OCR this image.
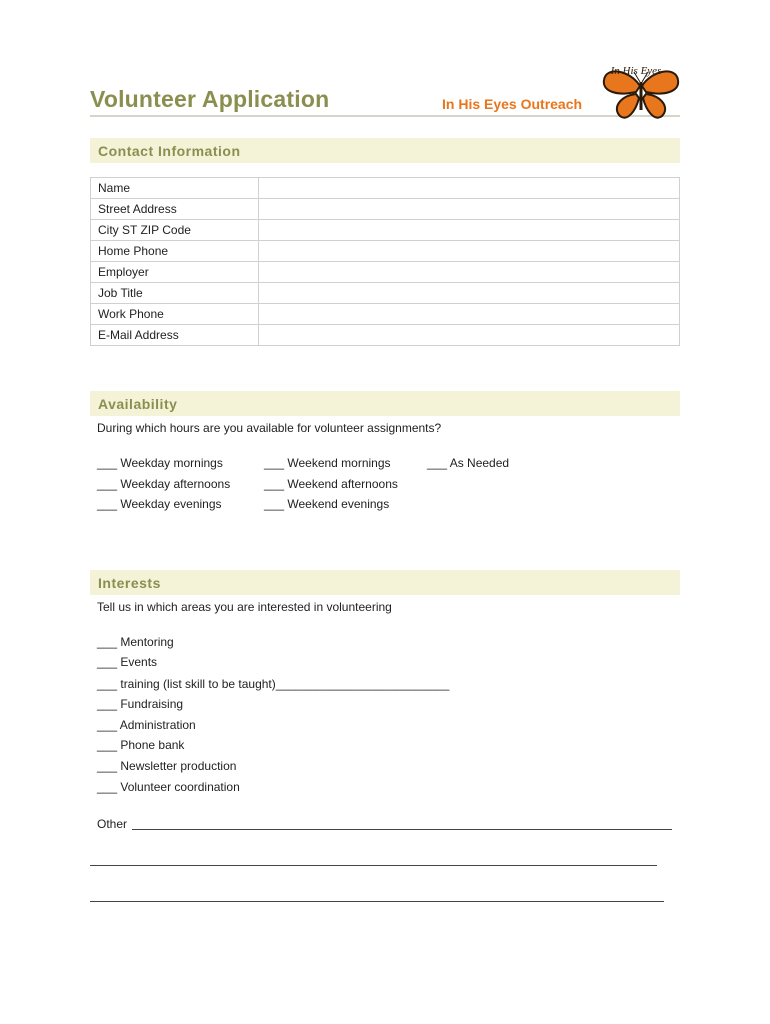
Volunteer Application	In His Eyes Outreach
In His Eyes
Contact Information
Name	
Street Address	
City ST ZIP Code	
Home Phone	
Employer	
Job Title	
Work Phone	
E-Mail Address	
Availability
During which hours are you available for volunteer assignments?
___ Weekday mornings
___ Weekday afternoons
___ Weekday evenings
___ Weekend mornings
___ Weekend afternoons
___ Weekend evenings
___ As Needed
Interests
Tell us in which areas you are interested in volunteering
___ Mentoring
___ Events
___ training (list skill to be taught)__________________________
___ Fundraising
___ Administration
___ Phone bank
___ Newsletter production
___ Volunteer coordination
Other
